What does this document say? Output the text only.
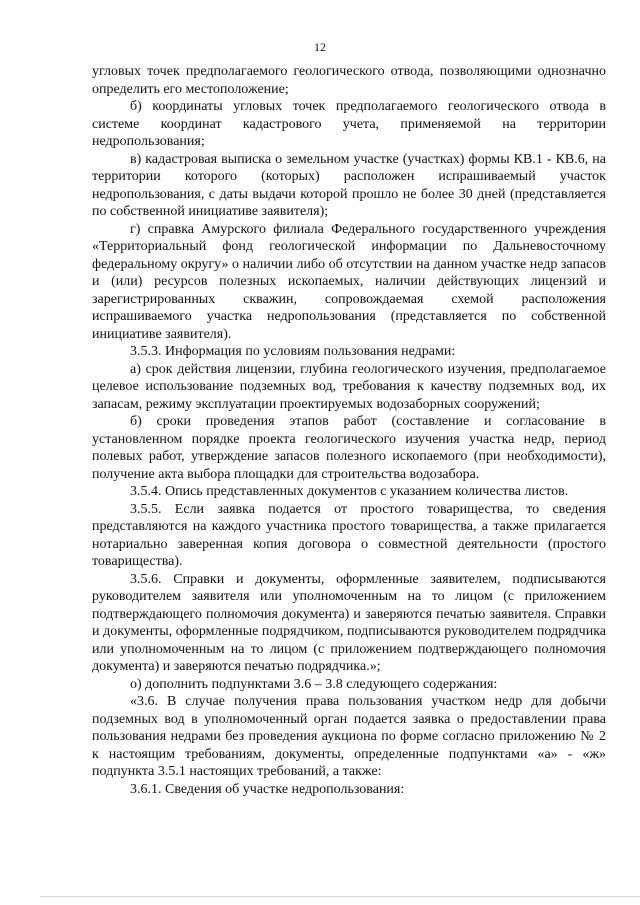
12

угловых точек предполагаемого геологического отвода, позволяющими однозначно определить его местоположение;

б) координаты угловых точек предполагаемого геологического отвода в системе координат кадастрового учета, применяемой на территории недропользования;

в) кадастровая выписка о земельном участке (участках) формы КВ.1 - КВ.6, на территории которого (которых) расположен испрашиваемый участок недропользования, с даты выдачи которой прошло не более 30 дней (представляется по собственной инициативе заявителя);

г) справка Амурского филиала Федерального государственного учреждения «Территориальный фонд геологической информации по Дальневосточному федеральному округу» о наличии либо об отсутствии на данном участке недр запасов и (или) ресурсов полезных ископаемых, наличии действующих лицензий и зарегистрированных скважин, сопровождаемая схемой расположения испрашиваемого участка недропользования (представляется по собственной инициативе заявителя).

3.5.3. Информация по условиям пользования недрами:

а) срок действия лицензии, глубина геологического изучения, предполагаемое целевое использование подземных вод, требования к качеству подземных вод, их запасам, режиму эксплуатации проектируемых водозаборных сооружений;

б) сроки проведения этапов работ (составление и согласование в установленном порядке проекта геологического изучения участка недр, период полевых работ, утверждение запасов полезного ископаемого (при необходимости), получение акта выбора площадки для строительства водозабора.

3.5.4. Опись представленных документов с указанием количества листов.

3.5.5. Если заявка подается от простого товарищества, то сведения представляются на каждого участника простого товарищества, а также прилагается нотариально заверенная копия договора о совместной деятельности (простого товарищества).

3.5.6. Справки и документы, оформленные заявителем, подписываются руководителем заявителя или уполномоченным на то лицом (с приложением подтверждающего полномочия документа) и заверяются печатью заявителя. Справки и документы, оформленные подрядчиком, подписываются руководителем подрядчика или уполномоченным на то лицом (с приложением подтверждающего полномочия документа) и заверяются печатью подрядчика.»;

о) дополнить подпунктами 3.6 – 3.8 следующего содержания:

«3.6. В случае получения права пользования участком недр для добычи подземных вод в уполномоченный орган подается заявка о предоставлении права пользования недрами без проведения аукциона по форме согласно приложению № 2 к настоящим требованиям, документы, определенные подпунктами «а» - «ж» подпункта 3.5.1 настоящих требований, а также:

3.6.1. Сведения об участке недропользования:
